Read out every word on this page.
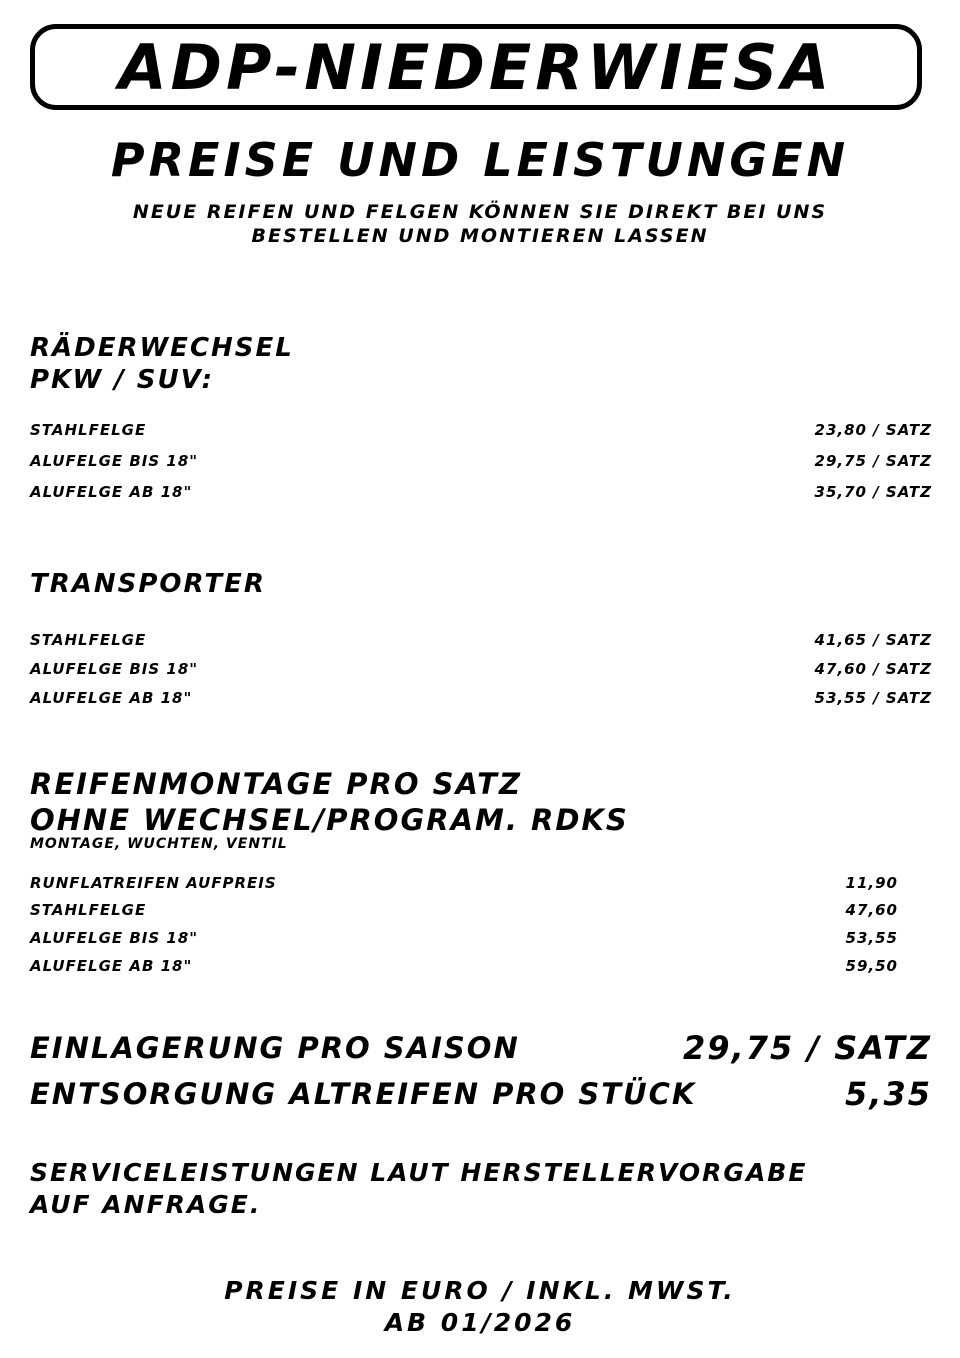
ADP-NIEDERWIESA
PREISE UND LEISTUNGEN
NEUE REIFEN UND FELGEN KÖNNEN SIE DIREKT BEI UNS
BESTELLEN UND MONTIEREN LASSEN
RÄDERWECHSEL
PKW / SUV:
STAHLFELGE	23,80 / SATZ
ALUFELGE BIS 18"	29,75 / SATZ
ALUFELGE AB 18"	35,70 / SATZ
TRANSPORTER
STAHLFELGE	41,65 / SATZ
ALUFELGE BIS 18"	47,60 / SATZ
ALUFELGE AB 18"	53,55 / SATZ
REIFENMONTAGE PRO SATZ
OHNE WECHSEL/PROGRAM. RDKS
MONTAGE, WUCHTEN, VENTIL
RUNFLATREIFEN AUFPREIS	11,90
STAHLFELGE	47,60
ALUFELGE BIS 18"	53,55
ALUFELGE AB 18"	59,50
EINLAGERUNG PRO SAISON	29,75 / SATZ
ENTSORGUNG ALTREIFEN PRO STÜCK	5,35
SERVICELEISTUNGEN LAUT HERSTELLERVORGABE
AUF ANFRAGE.
PREISE IN EURO / INKL. MWST.
AB 01/2026
